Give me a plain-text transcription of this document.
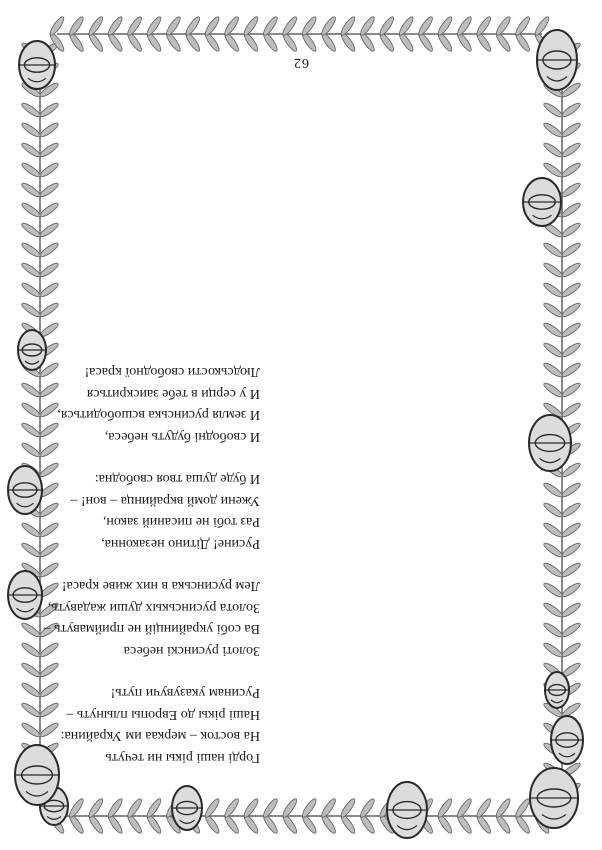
Горді нашi рiкы ни течуть
На восток – меркаа им Украйина:
Нашi рiкы до Европы плынуть –
Русинам указувучи путь!
Золоті русинскі небеса
Ва собі украйинцiй не приймавуть –
Золота русинськых души жадавуть,
Лем русинська в них живе краса!
Русине! Дітино незаконна,
Раз тобі не писаний закон,
Ужени домй вкрайинца – вон! –
И буде душа твоя свободна:
И свободнi будуть небеса,
И земля русинська всшободиться,
И у серци в тебе заискриться
Людськости свободної краса!
62
